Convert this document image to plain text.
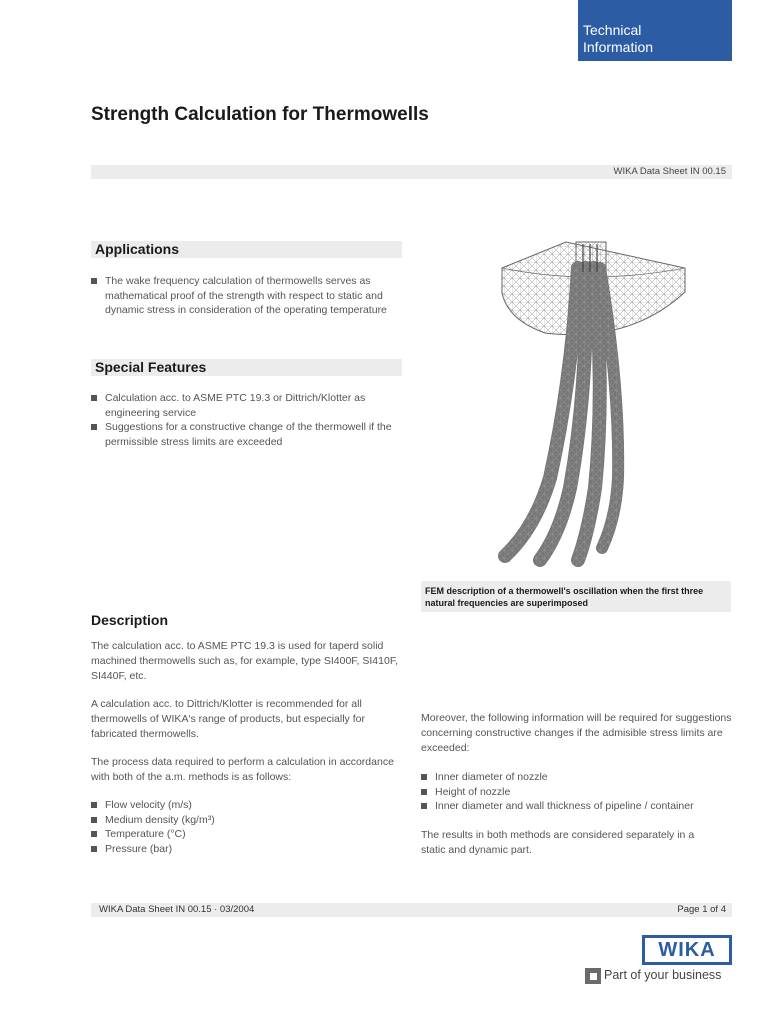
Technical
Information
Strength Calculation for Thermowells
WIKA Data Sheet IN 00.15
Applications
The wake frequency calculation of thermowells serves as mathematical proof of the strength with respect to static and dynamic stress in consideration of the operating temperature
Special Features
Calculation acc. to ASME PTC 19.3 or Dittrich/Klotter as engineering service
Suggestions for a constructive change of the thermowell if the permissible stress limits are exceeded
FEM description of a thermowell's oscillation when the first three natural frequencies are superimposed
Description

The calculation acc. to ASME PTC 19.3 is used for taperd solid machined thermowells such as, for example, type SI400F, SI410F, SI440F, etc.

A calculation acc. to Dittrich/Klotter is recommended for all thermowells of WIKA's range of products, but especially for fabricated thermowells.

The process data required to perform a calculation in accordance with both of the a.m. methods is as follows:

Flow velocity (m/s)
Medium density (kg/m³)
Temperature (°C)
Pressure (bar)

Moreover, the following information will be required for suggestions concerning constructive changes if the admisible stress limits are exceeded:

Inner diameter of nozzle
Height of nozzle
Inner diameter and wall thickness of pipeline / container

The results in both methods are considered separately in a static and dynamic part.

WIKA Data Sheet IN 00.15 · 03/2004	Page 1 of 4
WIKA
Part of your business
